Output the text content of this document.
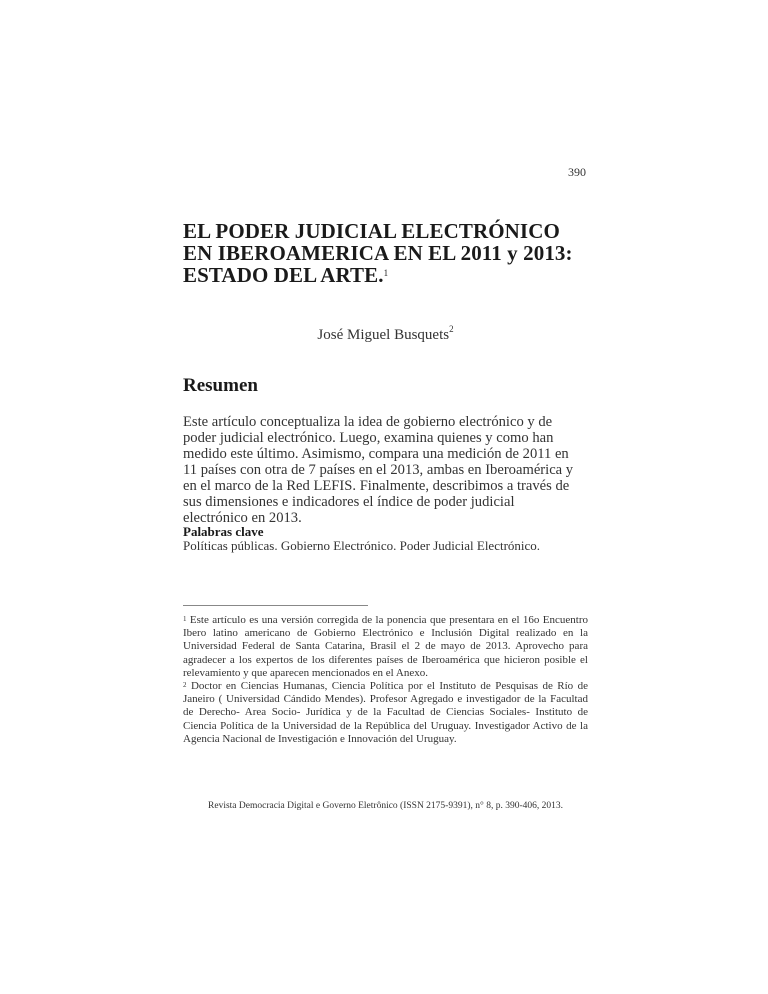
390
EL PODER JUDICIAL ELECTRÓNICO
EN IBEROAMERICA EN EL 2011 y 2013:
ESTADO DEL ARTE.$^1$
José Miguel Busquets$^2$
Resumen
Este artículo conceptualiza la idea de gobierno electrónico y de
poder judicial electrónico. Luego, examina quienes y como han
medido este último. Asimismo, compara una medición de 2011 en
11 países con otra de 7 países en el 2013, ambas en Iberoamérica y
en el marco de la Red LEFIS. Finalmente, describimos a través de
sus dimensiones e indicadores el índice de poder judicial
electrónico en 2013.
Palabras clave
Políticas públicas. Gobierno Electrónico. Poder Judicial Electrónico.

$^1$ Este artículo es una versión corregida de la ponencia que presentara en el 16o Encuentro Ibero latino americano de Gobierno Electrónico e Inclusión Digital realizado en la Universidad Federal de Santa Catarina, Brasil el 2 de mayo de 2013. Aprovecho para agradecer a los expertos de los diferentes países de Iberoamérica que hicieron posible el relevamiento y que aparecen mencionados en el Anexo.

$^2$ Doctor en Ciencias Humanas, Ciencia Política por el Instituto de Pesquisas de Río de Janeiro ( Universidad Cándido Mendes). Profesor Agregado e investigador de la Facultad de Derecho- Area Socio- Jurídica y de la Facultad de Ciencias Sociales- Instituto de Ciencia Política de la Universidad de la República del Uruguay. Investigador Activo de la Agencia Nacional de Investigación e Innovación del Uruguay.

Revista Democracia Digital e Governo Eletrônico (ISSN 2175-9391), n° 8, p. 390-406, 2013.
